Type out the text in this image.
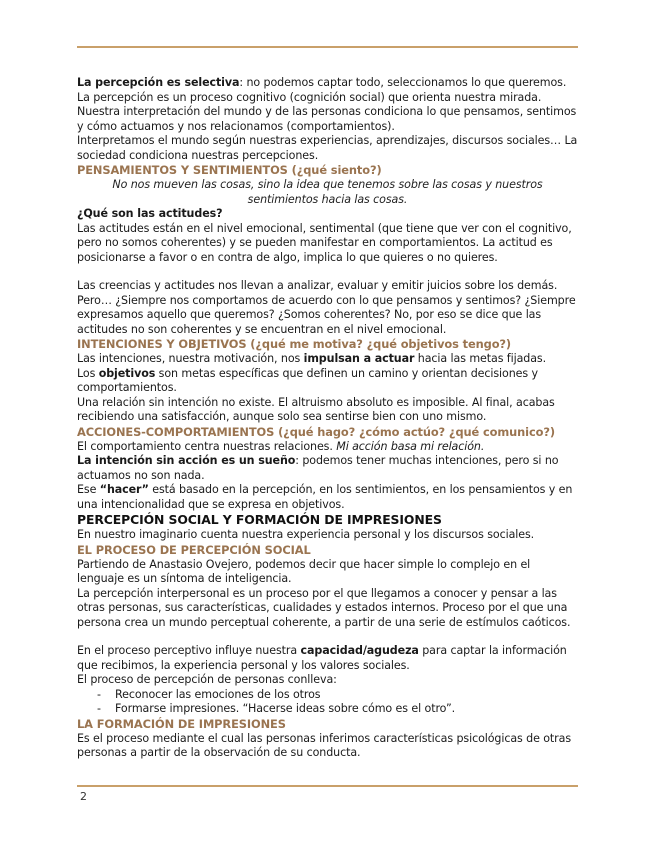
La percepción es selectiva: no podemos captar todo, seleccionamos lo que queremos.

La percepción es un proceso cognitivo (cognición social) que orienta nuestra mirada. Nuestra interpretación del mundo y de las personas condiciona lo que pensamos, sentimos y cómo actuamos y nos relacionamos (comportamientos).

Interpretamos el mundo según nuestras experiencias, aprendizajes, discursos sociales… La sociedad condiciona nuestras percepciones.

PENSAMIENTOS Y SENTIMIENTOS (¿qué siento?)

No nos mueven las cosas, sino la idea que tenemos sobre las cosas y nuestros sentimientos hacia las cosas.

¿Qué son las actitudes?

Las actitudes están en el nivel emocional, sentimental (que tiene que ver con el cognitivo, pero no somos coherentes) y se pueden manifestar en comportamientos. La actitud es posicionarse a favor o en contra de algo, implica lo que quieres o no quieres.

Las creencias y actitudes nos llevan a analizar, evaluar y emitir juicios sobre los demás. Pero… ¿Siempre nos comportamos de acuerdo con lo que pensamos y sentimos? ¿Siempre expresamos aquello que queremos? ¿Somos coherentes? No, por eso se dice que las actitudes no son coherentes y se encuentran en el nivel emocional.

INTENCIONES Y OBJETIVOS (¿qué me motiva? ¿qué objetivos tengo?)

Las intenciones, nuestra motivación, nos impulsan a actuar hacia las metas fijadas.

Los objetivos son metas específicas que definen un camino y orientan decisiones y comportamientos.

Una relación sin intención no existe. El altruismo absoluto es imposible. Al final, acabas recibiendo una satisfacción, aunque solo sea sentirse bien con uno mismo.

ACCIONES-COMPORTAMIENTOS (¿qué hago? ¿cómo actúo? ¿qué comunico?)

El comportamiento centra nuestras relaciones. Mi acción basa mi relación.

La intención sin acción es un sueño: podemos tener muchas intenciones, pero si no actuamos no son nada.

Ese “hacer” está basado en la percepción, en los sentimientos, en los pensamientos y en una intencionalidad que se expresa en objetivos.

PERCEPCIÓN SOCIAL Y FORMACIÓN DE IMPRESIONES

En nuestro imaginario cuenta nuestra experiencia personal y los discursos sociales.

EL PROCESO DE PERCEPCIÓN SOCIAL

Partiendo de Anastasio Ovejero, podemos decir que hacer simple lo complejo en el lenguaje es un síntoma de inteligencia.

La percepción interpersonal es un proceso por el que llegamos a conocer y pensar a las otras personas, sus características, cualidades y estados internos. Proceso por el que una persona crea un mundo perceptual coherente, a partir de una serie de estímulos caóticos.

En el proceso perceptivo influye nuestra capacidad/agudeza para captar la información que recibimos, la experiencia personal y los valores sociales.

El proceso de percepción de personas conlleva:

- Reconocer las emociones de los otros
- Formarse impresiones. “Hacerse ideas sobre cómo es el otro”.

LA FORMACIÓN DE IMPRESIONES

Es el proceso mediante el cual las personas inferimos características psicológicas de otras personas a partir de la observación de su conducta.

2
